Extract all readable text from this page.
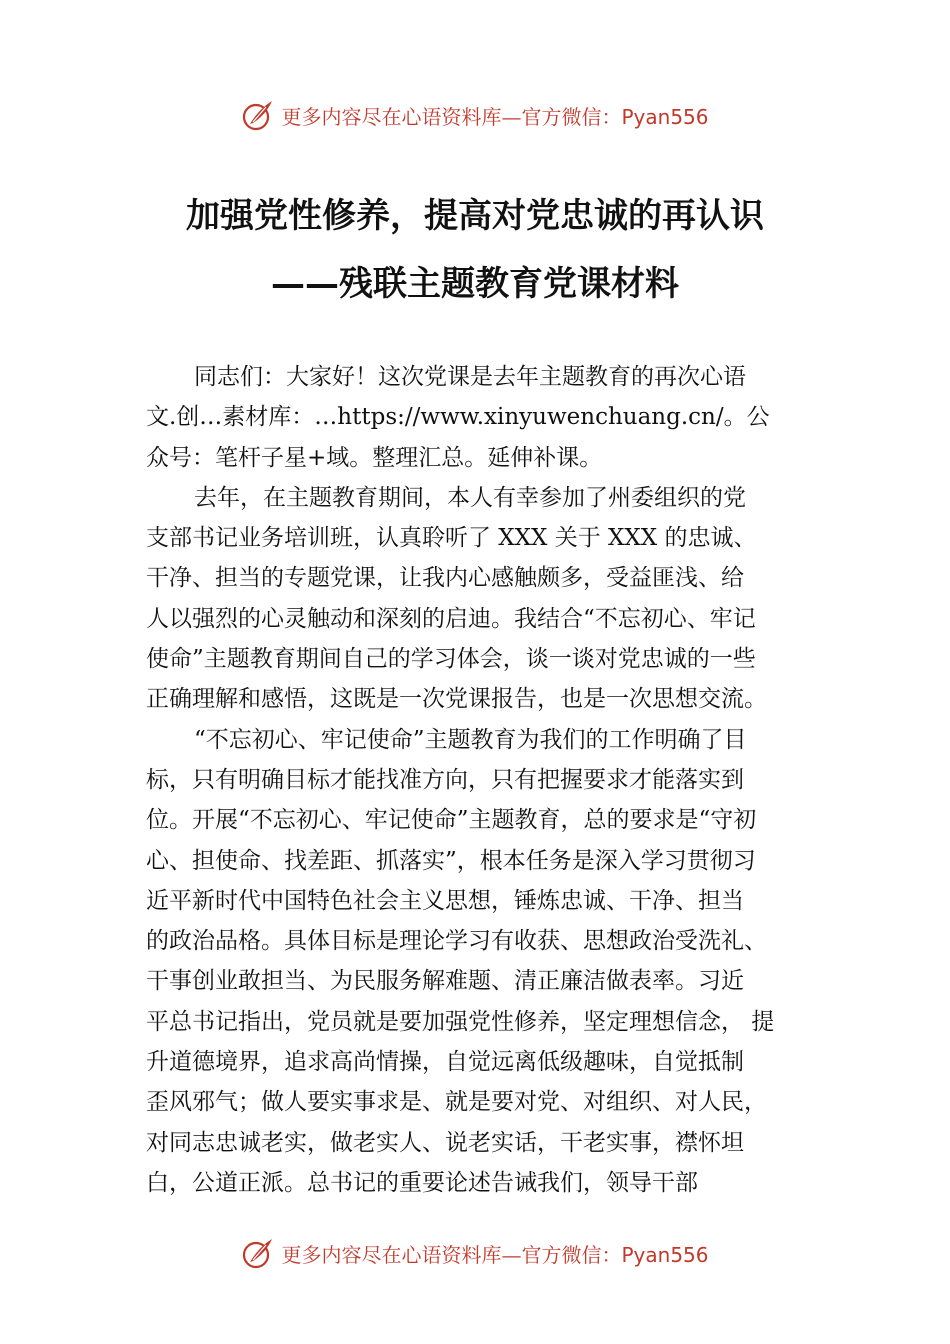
更多内容尽在心语资料库—官方微信：Pyan556
加强党性修养，提高对党忠诚的再认识
——残联主题教育党课材料
同志们：大家好！这次党课是去年主题教育的再次心语
文.创…素材库：…https://www.xinyuwenchuang.cn/。公
众号：笔杆子星+域。整理汇总。延伸补课。
去年，在主题教育期间，本人有幸参加了州委组织的党
支部书记业务培训班，认真聆听了 XXX 关于 XXX 的忠诚、
干净、担当的专题党课，让我内心感触颇多，受益匪浅、给
人以强烈的心灵触动和深刻的启迪。我结合“不忘初心、牢记
使命”主题教育期间自己的学习体会，谈一谈对党忠诚的一些
正确理解和感悟，这既是一次党课报告，也是一次思想交流。
“不忘初心、牢记使命”主题教育为我们的工作明确了目
标，只有明确目标才能找准方向，只有把握要求才能落实到
位。开展“不忘初心、牢记使命”主题教育，总的要求是“守初
心、担使命、找差距、抓落实”，根本任务是深入学习贯彻习
近平新时代中国特色社会主义思想，锤炼忠诚、干净、担当
的政治品格。具体目标是理论学习有收获、思想政治受洗礼、
干事创业敢担当、为民服务解难题、清正廉洁做表率。习近
平总书记指出，党员就是要加强党性修养，坚定理想信念， 提
升道德境界，追求高尚情操，自觉远离低级趣味，自觉抵制
歪风邪气；做人要实事求是、就是要对党、对组织、对人民，
对同志忠诚老实，做老实人、说老实话，干老实事，襟怀坦
白，公道正派。总书记的重要论述告诫我们，领导干部
更多内容尽在心语资料库—官方微信：Pyan556
